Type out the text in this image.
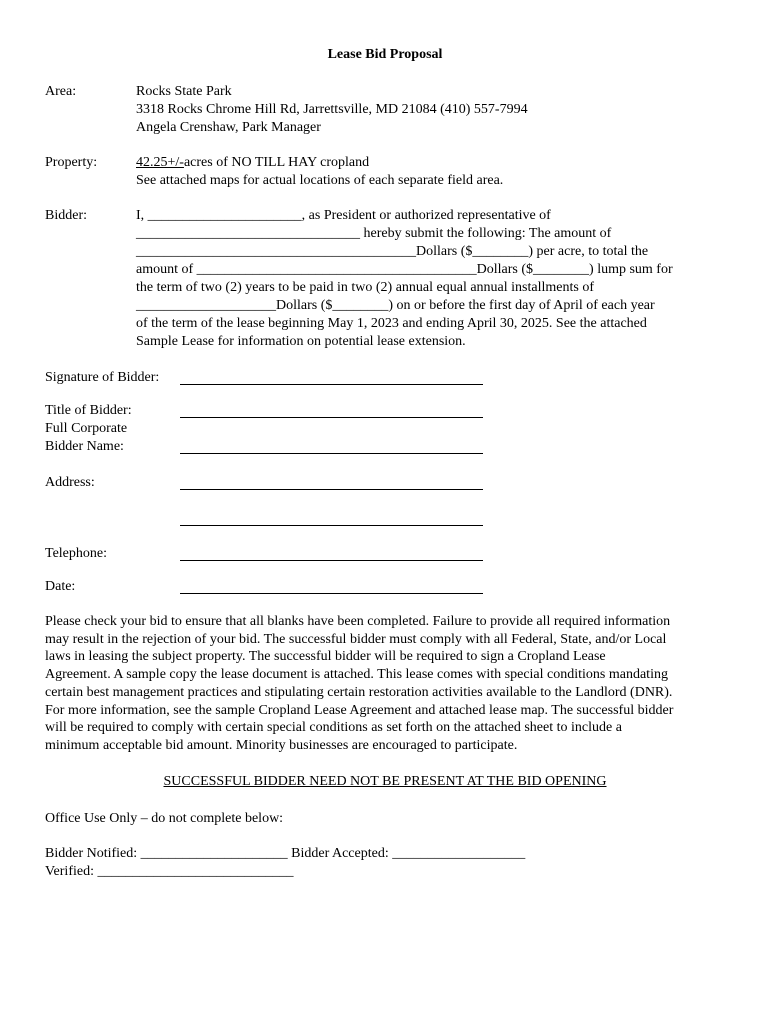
Lease Bid Proposal
Area:	Rocks State Park
3318 Rocks Chrome Hill Rd, Jarrettsville, MD 21084 (410) 557-7994
Angela Crenshaw, Park Manager
Property:	42.25+/-acres of NO TILL HAY cropland
See attached maps for actual locations of each separate field area.
Bidder:	I, ______________________, as President or authorized representative of
________________________________ hereby submit the following: The amount of
________________________________________Dollars ($________) per acre, to total the
amount of ________________________________________Dollars ($________) lump sum for
the term of two (2) years to be paid in two (2) annual equal annual installments of
____________________Dollars ($________) on or before the first day of April of each year
of the term of the lease beginning May 1, 2023 and ending April 30, 2025. See the attached
Sample Lease for information on potential lease extension.
Signature of Bidder:
Title of Bidder:
Full Corporate
Bidder Name:
Address:
Telephone:
Date:
Please check your bid to ensure that all blanks have been completed. Failure to provide all required information
may result in the rejection of your bid. The successful bidder must comply with all Federal, State, and/or Local
laws in leasing the subject property. The successful bidder will be required to sign a Cropland Lease
Agreement. A sample copy the lease document is attached. This lease comes with special conditions mandating
certain best management practices and stipulating certain restoration activities available to the Landlord (DNR).
For more information, see the sample Cropland Lease Agreement and attached lease map. The successful bidder
will be required to comply with certain special conditions as set forth on the attached sheet to include a
minimum acceptable bid amount. Minority businesses are encouraged to participate.
SUCCESSFUL BIDDER NEED NOT BE PRESENT AT THE BID OPENING
Office Use Only – do not complete below:
Bidder Notified: _____________________ Bidder Accepted: ___________________
Verified: ____________________________
